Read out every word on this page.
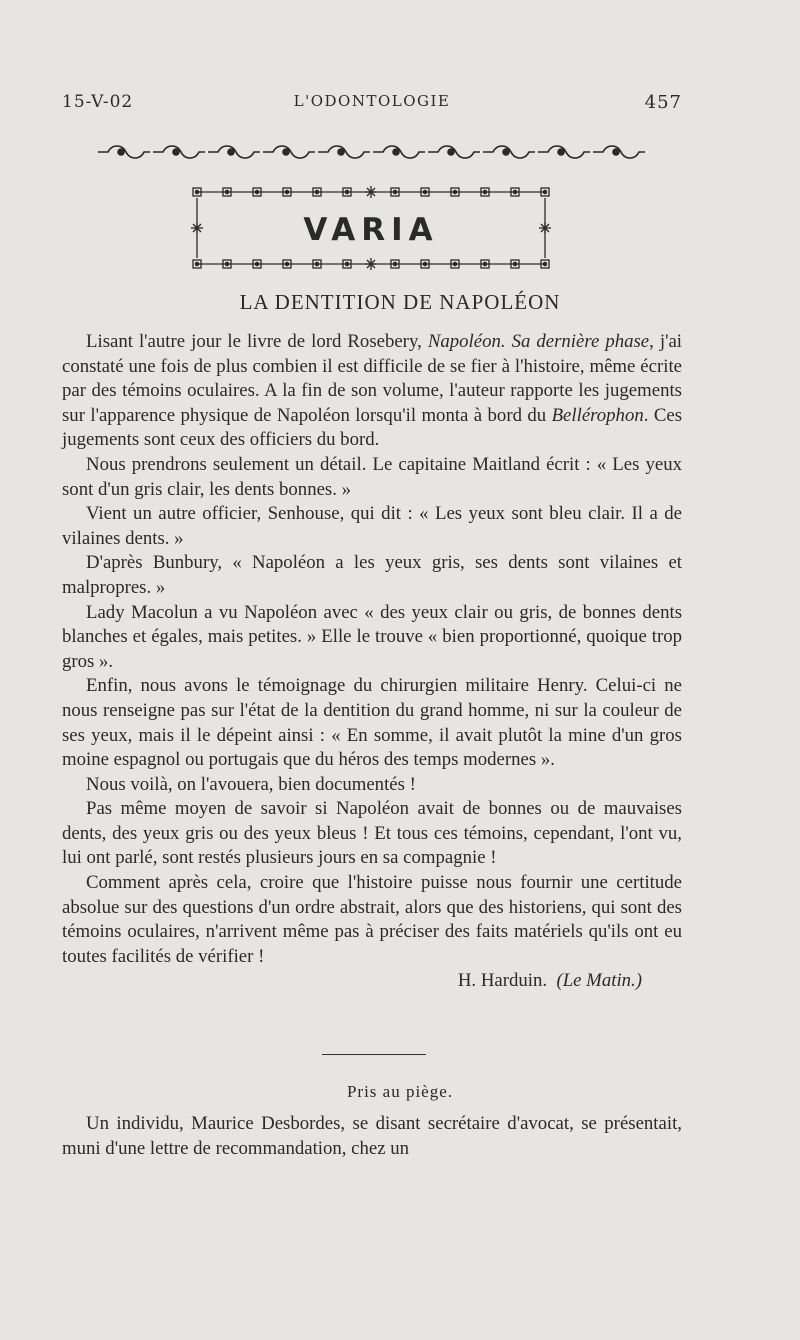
15-V-02	L'ODONTOLOGIE	457
VARIA
LA DENTITION DE NAPOLÉON

Lisant l'autre jour le livre de lord Rosebery, Napoléon. Sa dernière phase, j'ai constaté une fois de plus combien il est difficile de se fier à l'histoire, même écrite par des témoins oculaires. A la fin de son volume, l'auteur rapporte les jugements sur l'apparence physique de Napoléon lorsqu'il monta à bord du Bellérophon. Ces jugements sont ceux des officiers du bord.

Nous prendrons seulement un détail. Le capitaine Maitland écrit : « Les yeux sont d'un gris clair, les dents bonnes. »

Vient un autre officier, Senhouse, qui dit : « Les yeux sont bleu clair. Il a de vilaines dents. »

D'après Bunbury, « Napoléon a les yeux gris, ses dents sont vilaines et malpropres. »

Lady Macolun a vu Napoléon avec « des yeux clair ou gris, de bonnes dents blanches et égales, mais petites. » Elle le trouve « bien proportionné, quoique trop gros ».

Enfin, nous avons le témoignage du chirurgien militaire Henry. Celui-ci ne nous renseigne pas sur l'état de la dentition du grand homme, ni sur la couleur de ses yeux, mais il le dépeint ainsi : « En somme, il avait plutôt la mine d'un gros moine espagnol ou portugais que du héros des temps modernes ».

Nous voilà, on l'avouera, bien documentés !

Pas même moyen de savoir si Napoléon avait de bonnes ou de mauvaises dents, des yeux gris ou des yeux bleus ! Et tous ces témoins, cependant, l'ont vu, lui ont parlé, sont restés plusieurs jours en sa compagnie !

Comment après cela, croire que l'histoire puisse nous fournir une certitude absolue sur des questions d'un ordre abstrait, alors que des historiens, qui sont des témoins oculaires, n'arrivent même pas à préciser des faits matériels qu'ils ont eu toutes facilités de vérifier !

H. Harduin. (Le Matin.)
Pris au piège.

Un individu, Maurice Desbordes, se disant secrétaire d'avocat, se présentait, muni d'une lettre de recommandation, chez un
